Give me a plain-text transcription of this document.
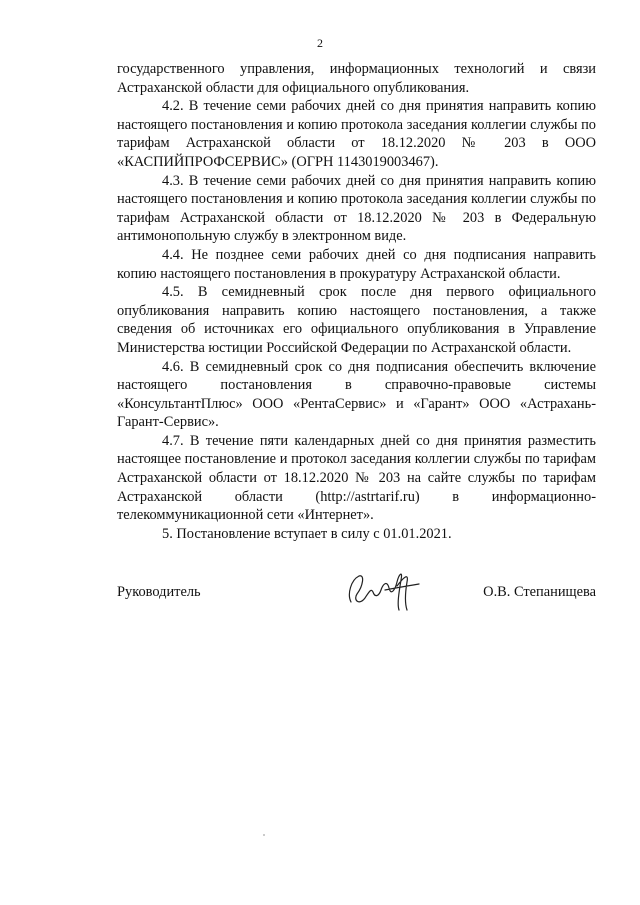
2

государственного управления, информационных технологий и связи Астраханской области для официального опубликования.

4.2. В течение семи рабочих дней со дня принятия направить копию настоящего постановления и копию протокола заседания коллегии службы по тарифам Астраханской области от 18.12.2020 № 203 в ООО «КАСПИЙПРОФСЕРВИС» (ОГРН 1143019003467).

4.3. В течение семи рабочих дней со дня принятия направить копию настоящего постановления и копию протокола заседания коллегии службы по тарифам Астраханской области от 18.12.2020 № 203 в Федеральную антимонопольную службу в электронном виде.

4.4. Не позднее семи рабочих дней со дня подписания направить копию настоящего постановления в прокуратуру Астраханской области.

4.5. В семидневный срок после дня первого официального опубликования направить копию настоящего постановления, а также сведения об источниках его официального опубликования в Управление Министерства юстиции Российской Федерации по Астраханской области.

4.6. В семидневный срок со дня подписания обеспечить включение настоящего постановления в справочно-правовые системы «КонсультантПлюс» ООО «РентаСервис» и «Гарант» ООО «Астрахань-Гарант-Сервис».

4.7. В течение пяти календарных дней со дня принятия разместить настоящее постановление и протокол заседания коллегии службы по тарифам Астраханской области от 18.12.2020 № 203 на сайте службы по тарифам Астраханской области (http://astrtarif.ru) в информационно-телекоммуникационной сети «Интернет».

5. Постановление вступает в силу с 01.01.2021.

Руководитель	О.В. Степанищева
